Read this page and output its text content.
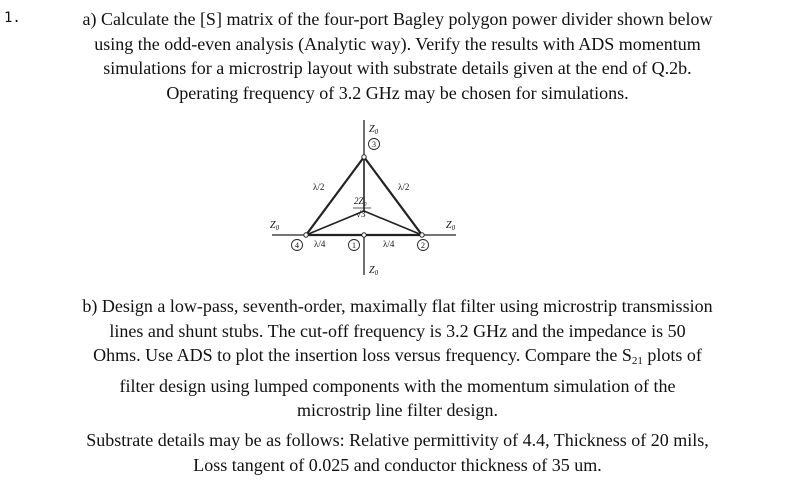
1.	a) Calculate the [S] matrix of the four-port Bagley polygon power divider shown below
using the odd-even analysis (Analytic way). Verify the results with ADS momentum
simulations for a microstrip layout with substrate details given at the end of Q.2b.
Operating frequency of 3.2 GHz may be chosen for simulations.
$Z_0$
$Z_0$	$Z_0$
$Z_0$
λ/2	λ/2
λ/4	λ/4
$2Z_0$
√3
3
4	1	2
b) Design a low-pass, seventh-order, maximally flat filter using microstrip transmission
lines and shunt stubs. The cut-off frequency is 3.2 GHz and the impedance is 50
Ohms. Use ADS to plot the insertion loss versus frequency. Compare the $S_{21}$ plots of
filter design using lumped components with the momentum simulation of the
microstrip line filter design.
Substrate details may be as follows: Relative permittivity of 4.4, Thickness of 20 mils,
Loss tangent of 0.025 and conductor thickness of 35 um.
